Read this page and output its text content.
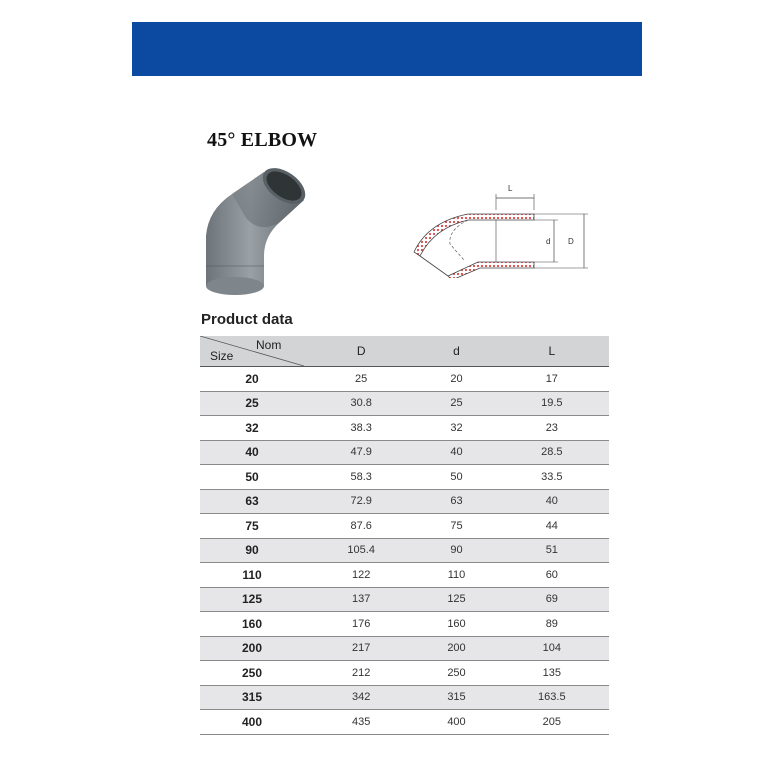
45° ELBOW
L
d D
Product data
Nom
Size	D	d	L
20	25	20	17
25	30.8	25	19.5
32	38.3	32	23
40	47.9	40	28.5
50	58.3	50	33.5
63	72.9	63	40
75	87.6	75	44
90	105.4	90	51
110	122	110	60
125	137	125	69
160	176	160	89
200	217	200	104
250	212	250	135
315	342	315	163.5
400	435	400	205
